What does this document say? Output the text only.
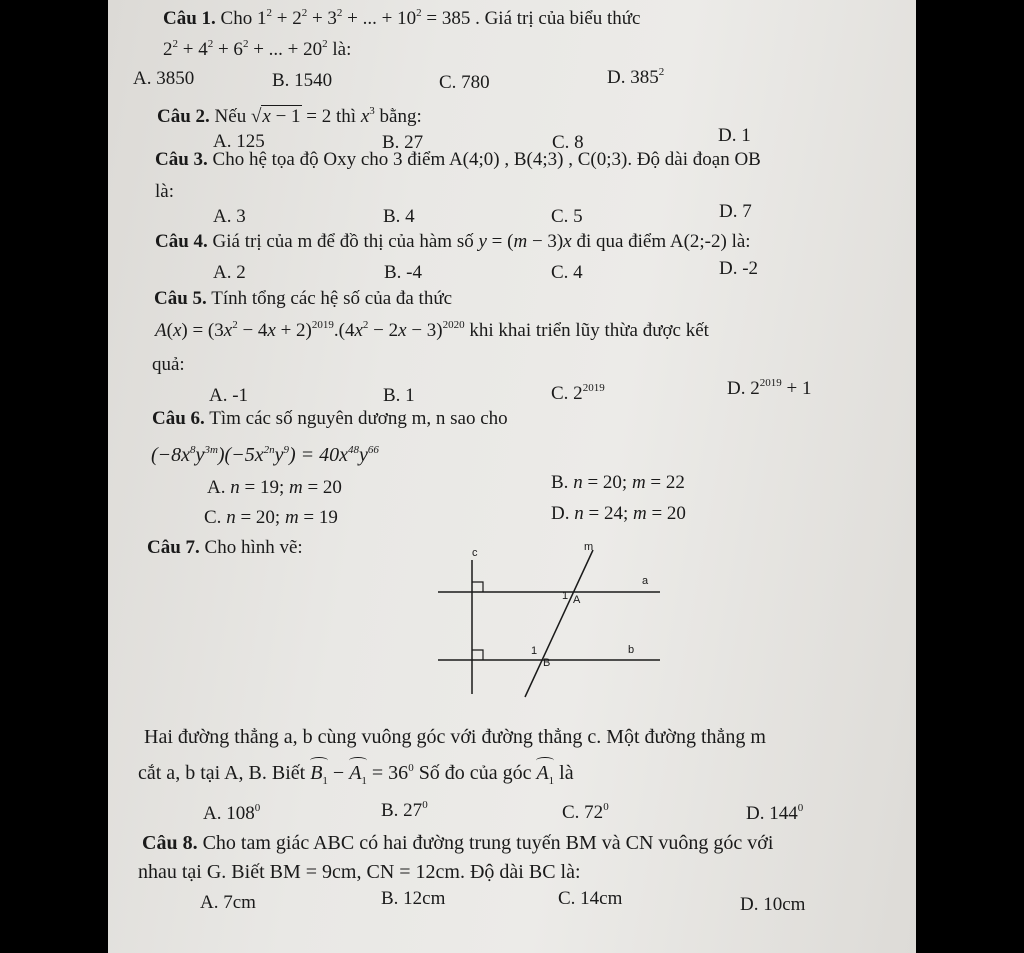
Câu 1. Cho $1^2 + 2^2 + 3^2$ + ... + $10^2 = 385$ . Giá trị của biểu thức
$2^2 + 4^2 + 6^2$ + ... + $20^2$ là:
A. 3850	B. 1540	C. 780	D. $385^2$
Câu 2. Nếu √x − 1 = 2 thì $x^3$ bằng:
A. 125	B. 27	C. 8	D. 1
Câu 3. Cho hệ tọa độ Oxy cho 3 điểm A(4;0) , B(4;3) , C(0;3). Độ dài đoạn OB
là:
A. 3	B. 4	C. 5	D. 7
Câu 4. Giá trị của m để đồ thị của hàm số y = (m − 3)x đi qua điểm A(2;-2) là:
A. 2	B. -4	C. 4	D. -2
Câu 5. Tính tổng các hệ số của đa thức
$A(x) = (3x^2 - 4x + 2)^{2019}.(4x^2 - 2x - 3)^{2020}$ khi khai triển lũy thừa được kết
quả:
A. -1	B. 1	C. $2^{2019}$	D. $2^{2019} + 1$
Câu 6. Tìm các số nguyên dương m, n sao cho
$(-8x^8y^{3m})(-5x^{2n}y^9) = 40x^{48}y^{66}$
A. n = 19; m = 20	B. n = 20; m = 22
C. n = 20; m = 19	D. n = 24; m = 20
Câu 7. Cho hình vẽ:	c	m
a
1 A
1	b
B
Hai đường thẳng a, b cùng vuông góc với đường thẳng c. Một đường thẳng m
cắt a, b tại A, B. Biết $B_1 - A_1 = 36^0$ Số đo của góc $A_1$ là
A. $108^0$	B. $27^0$	C. $72^0$	D. $144^0$
Câu 8. Cho tam giác ABC có hai đường trung tuyến BM và CN vuông góc với
nhau tại G. Biết BM = 9cm, CN = 12cm. Độ dài BC là:
A. 7cm	B. 12cm	C. 14cm	D. 10cm
